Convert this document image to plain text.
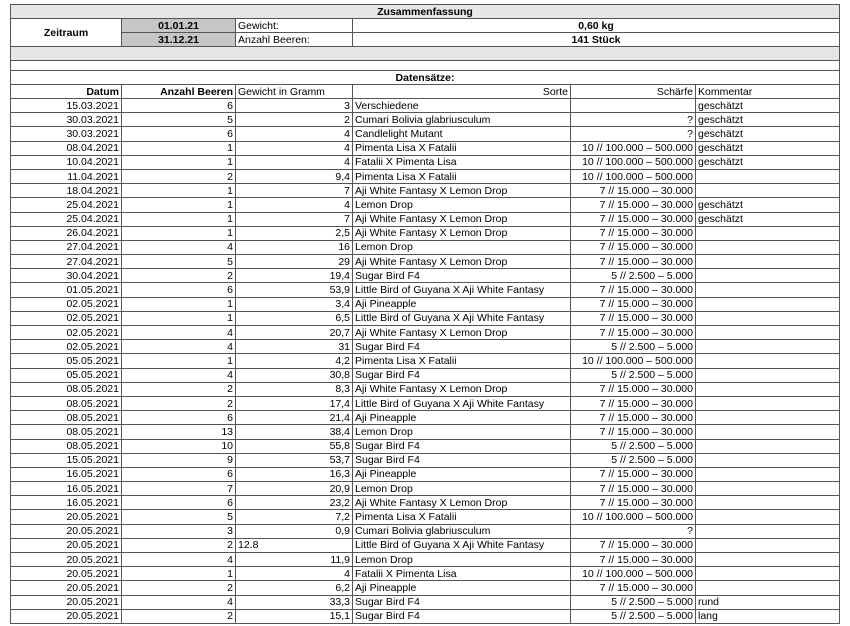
Zusammenfassung			
Zeitraum	01.01.21	Gewicht:	0,60 kg
	31.12.21	Anzahl Beeren:	141 Stück

Datensätze:					
Datum	Anzahl Beeren	Gewicht in Gramm	Sorte	Schärfe	Kommentar
15.03.2021	6	3	Verschiedene		geschätzt
30.03.2021	5	2	Cumari Bolivia glabriusculum	?	geschätzt
30.03.2021	6	4	Candlelight Mutant	?	geschätzt
08.04.2021	1	4	Pimenta Lisa X Fatalii	10 // 100.000 – 500.000	geschätzt
10.04.2021	1	4	Fatalii X Pimenta Lisa	10 // 100.000 – 500.000	geschätzt
11.04.2021	2	9,4	Pimenta Lisa X Fatalii	10 // 100.000 – 500.000	
18.04.2021	1	7	Aji White Fantasy X Lemon Drop	7 // 15.000 – 30.000	
25.04.2021	1	4	Lemon Drop	7 // 15.000 – 30.000	geschätzt
25.04.2021	1	7	Aji White Fantasy X Lemon Drop	7 // 15.000 – 30.000	geschätzt
26.04.2021	1	2,5	Aji White Fantasy X Lemon Drop	7 // 15.000 – 30.000	
27.04.2021	4	16	Lemon Drop	7 // 15.000 – 30.000	
27.04.2021	5	29	Aji White Fantasy X Lemon Drop	7 // 15.000 – 30.000	
30.04.2021	2	19,4	Sugar Bird F4	5 // 2.500 – 5.000	
01.05.2021	6	53,9	Little Bird of Guyana X Aji White Fantasy	7 // 15.000 – 30.000	
02.05.2021	1	3,4	Aji Pineapple	7 // 15.000 – 30.000	
02.05.2021	1	6,5	Little Bird of Guyana X Aji White Fantasy	7 // 15.000 – 30.000	
02.05.2021	4	20,7	Aji White Fantasy X Lemon Drop	7 // 15.000 – 30.000	
02.05.2021	4	31	Sugar Bird F4	5 // 2.500 – 5.000	
05.05.2021	1	4,2	Pimenta Lisa X Fatalii	10 // 100.000 – 500.000	
05.05.2021	4	30,8	Sugar Bird F4	5 // 2.500 – 5.000	
08.05.2021	2	8,3	Aji White Fantasy X Lemon Drop	7 // 15.000 – 30.000	
08.05.2021	2	17,4	Little Bird of Guyana X Aji White Fantasy	7 // 15.000 – 30.000	
08.05.2021	6	21,4	Aji Pineapple	7 // 15.000 – 30.000	
08.05.2021	13	38,4	Lemon Drop	7 // 15.000 – 30.000	
08.05.2021	10	55,8	Sugar Bird F4	5 // 2.500 – 5.000	
15.05.2021	9	53,7	Sugar Bird F4	5 // 2.500 – 5.000	
16.05.2021	6	16,3	Aji Pineapple	7 // 15.000 – 30.000	
16.05.2021	7	20,9	Lemon Drop	7 // 15.000 – 30.000	
16.05.2021	6	23,2	Aji White Fantasy X Lemon Drop	7 // 15.000 – 30.000	
20.05.2021	5	7,2	Pimenta Lisa X Fatalii	10 // 100.000 – 500.000	
20.05.2021	3	0,9	Cumari Bolivia glabriusculum	?	
20.05.2021	2	12.8	Little Bird of Guyana X Aji White Fantasy	7 // 15.000 – 30.000	
20.05.2021	4	11,9	Lemon Drop	7 // 15.000 – 30.000	
20.05.2021	1	4	Fatalii X Pimenta Lisa	10 // 100.000 – 500.000	
20.05.2021	2	6,2	Aji Pineapple	7 // 15.000 – 30.000	
20.05.2021	4	33,3	Sugar Bird F4	5 // 2.500 – 5.000	rund
20.05.2021	2	15,1	Sugar Bird F4	5 // 2.500 – 5.000	lang
